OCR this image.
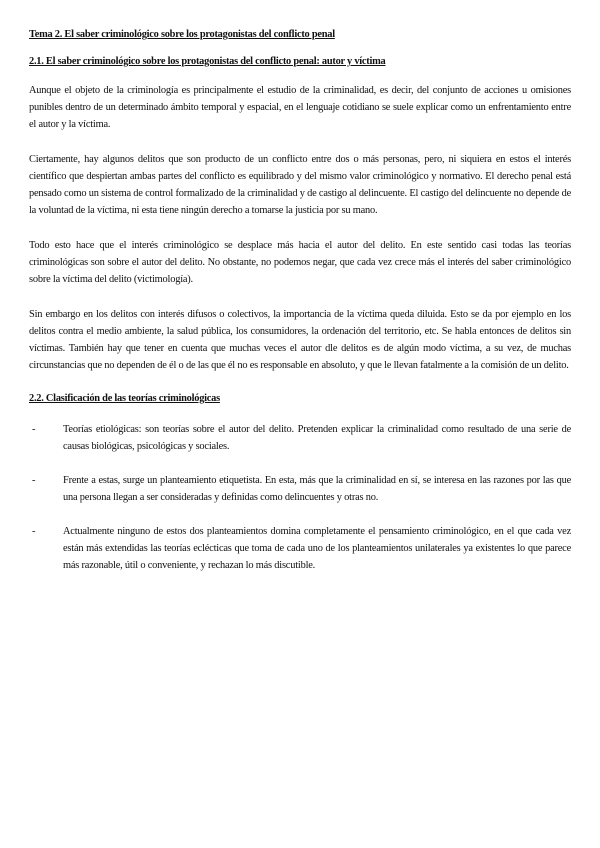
Tema 2. El saber criminológico sobre los protagonistas del conflicto penal
2.1. El saber criminológico sobre los protagonistas del conflicto penal: autor y víctima

Aunque el objeto de la criminología es principalmente el estudio de la criminalidad, es decir, del conjunto de acciones u omisiones punibles dentro de un determinado ámbito temporal y espacial, en el lenguaje cotidiano se suele explicar como un enfrentamiento entre el autor y la víctima.

Ciertamente, hay algunos delitos que son producto de un conflicto entre dos o más personas, pero, ni siquiera en estos el interés científico que despiertan ambas partes del conflicto es equilibrado y del mismo valor criminológico y normativo. El derecho penal está pensado como un sistema de control formalizado de la criminalidad y de castigo al delincuente. El castigo del delincuente no depende de la voluntad de la víctima, ni esta tiene ningún derecho a tomarse la justicia por su mano.

Todo esto hace que el interés criminológico se desplace más hacia el autor del delito. En este sentido casi todas las teorías criminológicas son sobre el autor del delito. No obstante, no podemos negar, que cada vez crece más el interés del saber criminológico sobre la víctima del delito (victimología).

Sin embargo en los delitos con interés difusos o colectivos, la importancia de la víctima queda diluida. Esto se da por ejemplo en los delitos contra el medio ambiente, la salud pública, los consumidores, la ordenación del territorio, etc. Se habla entonces de delitos sin víctimas. También hay que tener en cuenta que muchas veces el autor dle delitos es de algún modo víctima, a su vez, de muchas circunstancias que no dependen de él o de las que él no es responsable en absoluto, y que le llevan fatalmente a la comisión de un delito.

2.2. Clasificación de las teorías criminológicas
-	Teorías etiológicas: son teorías sobre el autor del delito. Pretenden explicar la criminalidad como resultado de una serie de causas biológicas, psicológicas y sociales.
-	Frente a estas, surge un planteamiento etiquetista. En esta, más que la criminalidad en sí, se interesa en las razones por las que una persona llegan a ser consideradas y definidas como delincuentes y otras no.
-	Actualmente ninguno de estos dos planteamientos domina completamente el pensamiento criminológico, en el que cada vez están más extendidas las teorías eclécticas que toma de cada uno de los planteamientos unilaterales ya existentes lo que parece más razonable, útil o conveniente, y rechazan lo más discutible.
